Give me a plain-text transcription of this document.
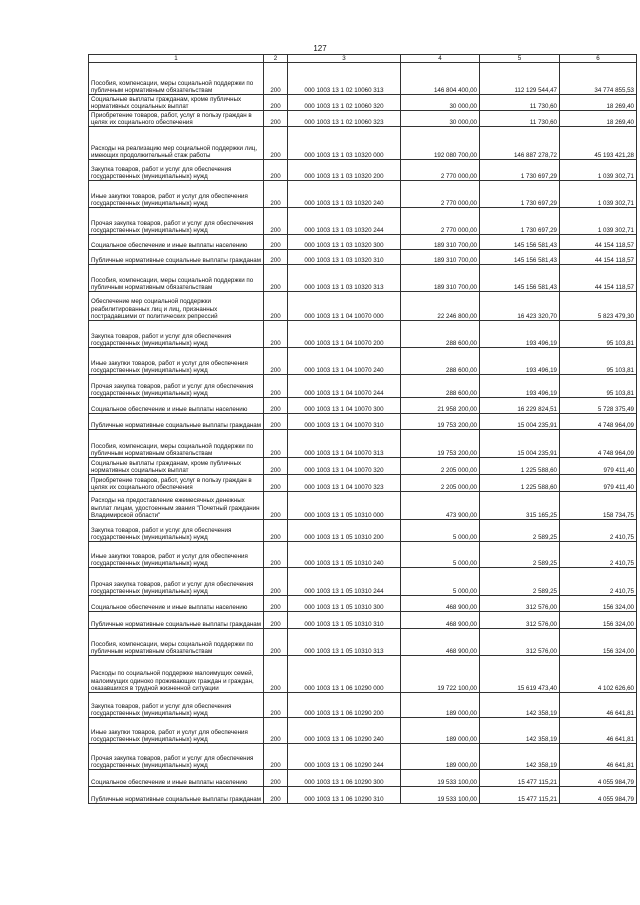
127
1	2	3	4	5	6
Пособия, компенсации, меры социальной поддержки по публичным нормативным обязательствам	200	000 1003 13 1 02 10060 313	146 804 400,00	112 129 544,47	34 774 855,53
Социальные выплаты гражданам, кроме публичных нормативных социальных выплат	200	000 1003 13 1 02 10060 320	30 000,00	11 730,60	18 269,40
Приобретение товаров, работ, услуг в пользу граждан в целях их социального обеспечения	200	000 1003 13 1 02 10060 323	30 000,00	11 730,60	18 269,40
Расходы на реализацию мер социальной поддержки лиц, имеющих продолжительный стаж работы	200	000 1003 13 1 03 10320 000	192 080 700,00	146 887 278,72	45 193 421,28
Закупка товаров, работ и услуг для обеспечения государственных (муниципальных) нужд	200	000 1003 13 1 03 10320 200	2 770 000,00	1 730 697,29	1 039 302,71
Иные закупки товаров, работ и услуг для обеспечения государственных (муниципальных) нужд	200	000 1003 13 1 03 10320 240	2 770 000,00	1 730 697,29	1 039 302,71
Прочая закупка товаров, работ и услуг для обеспечения государственных (муниципальных) нужд	200	000 1003 13 1 03 10320 244	2 770 000,00	1 730 697,29	1 039 302,71
Социальное обеспечение и иные выплаты населению	200	000 1003 13 1 03 10320 300	189 310 700,00	145 156 581,43	44 154 118,57
Публичные нормативные социальные выплаты гражданам	200	000 1003 13 1 03 10320 310	189 310 700,00	145 156 581,43	44 154 118,57
Пособия, компенсации, меры социальной поддержки по публичным нормативным обязательствам	200	000 1003 13 1 03 10320 313	189 310 700,00	145 156 581,43	44 154 118,57
Обеспечение мер социальной поддержки реабилитированных лиц и лиц, признанных пострадавшими от политических репрессий	200	000 1003 13 1 04 10070 000	22 246 800,00	16 423 320,70	5 823 479,30
Закупка товаров, работ и услуг для обеспечения государственных (муниципальных) нужд	200	000 1003 13 1 04 10070 200	288 600,00	193 496,19	95 103,81
Иные закупки товаров, работ и услуг для обеспечения государственных (муниципальных) нужд	200	000 1003 13 1 04 10070 240	288 600,00	193 496,19	95 103,81
Прочая закупка товаров, работ и услуг для обеспечения государственных (муниципальных) нужд	200	000 1003 13 1 04 10070 244	288 600,00	193 496,19	95 103,81
Социальное обеспечение и иные выплаты населению	200	000 1003 13 1 04 10070 300	21 958 200,00	16 229 824,51	5 728 375,49
Публичные нормативные социальные выплаты гражданам	200	000 1003 13 1 04 10070 310	19 753 200,00	15 004 235,91	4 748 964,09
Пособия, компенсации, меры социальной поддержки по публичным нормативным обязательствам	200	000 1003 13 1 04 10070 313	19 753 200,00	15 004 235,91	4 748 964,09
Социальные выплаты гражданам, кроме публичных нормативных социальных выплат	200	000 1003 13 1 04 10070 320	2 205 000,00	1 225 588,60	979 411,40
Приобретение товаров, работ, услуг в пользу граждан в целях их социального обеспечения	200	000 1003 13 1 04 10070 323	2 205 000,00	1 225 588,60	979 411,40
Расходы на предоставление ежемесячных денежных выплат лицам, удостоенным звания "Почетный гражданин Владимирской области"	200	000 1003 13 1 05 10310 000	473 900,00	315 165,25	158 734,75
Закупка товаров, работ и услуг для обеспечения государственных (муниципальных) нужд	200	000 1003 13 1 05 10310 200	5 000,00	2 589,25	2 410,75
Иные закупки товаров, работ и услуг для обеспечения государственных (муниципальных) нужд	200	000 1003 13 1 05 10310 240	5 000,00	2 589,25	2 410,75
Прочая закупка товаров, работ и услуг для обеспечения государственных (муниципальных) нужд	200	000 1003 13 1 05 10310 244	5 000,00	2 589,25	2 410,75
Социальное обеспечение и иные выплаты населению	200	000 1003 13 1 05 10310 300	468 900,00	312 576,00	156 324,00
Публичные нормативные социальные выплаты гражданам	200	000 1003 13 1 05 10310 310	468 900,00	312 576,00	156 324,00
Пособия, компенсации, меры социальной поддержки по публичным нормативным обязательствам	200	000 1003 13 1 05 10310 313	468 900,00	312 576,00	156 324,00
Расходы по социальной поддержке малоимущих семей, малоимущих одиноко проживающих граждан и граждан, оказавшихся в трудной жизненной ситуации	200	000 1003 13 1 06 10290 000	19 722 100,00	15 619 473,40	4 102 626,60
Закупка товаров, работ и услуг для обеспечения государственных (муниципальных) нужд	200	000 1003 13 1 06 10290 200	189 000,00	142 358,19	46 641,81
Иные закупки товаров, работ и услуг для обеспечения государственных (муниципальных) нужд	200	000 1003 13 1 06 10290 240	189 000,00	142 358,19	46 641,81
Прочая закупка товаров, работ и услуг для обеспечения государственных (муниципальных) нужд	200	000 1003 13 1 06 10290 244	189 000,00	142 358,19	46 641,81
Социальное обеспечение и иные выплаты населению	200	000 1003 13 1 06 10290 300	19 533 100,00	15 477 115,21	4 055 984,79
Публичные нормативные социальные выплаты гражданам	200	000 1003 13 1 06 10290 310	19 533 100,00	15 477 115,21	4 055 984,79
